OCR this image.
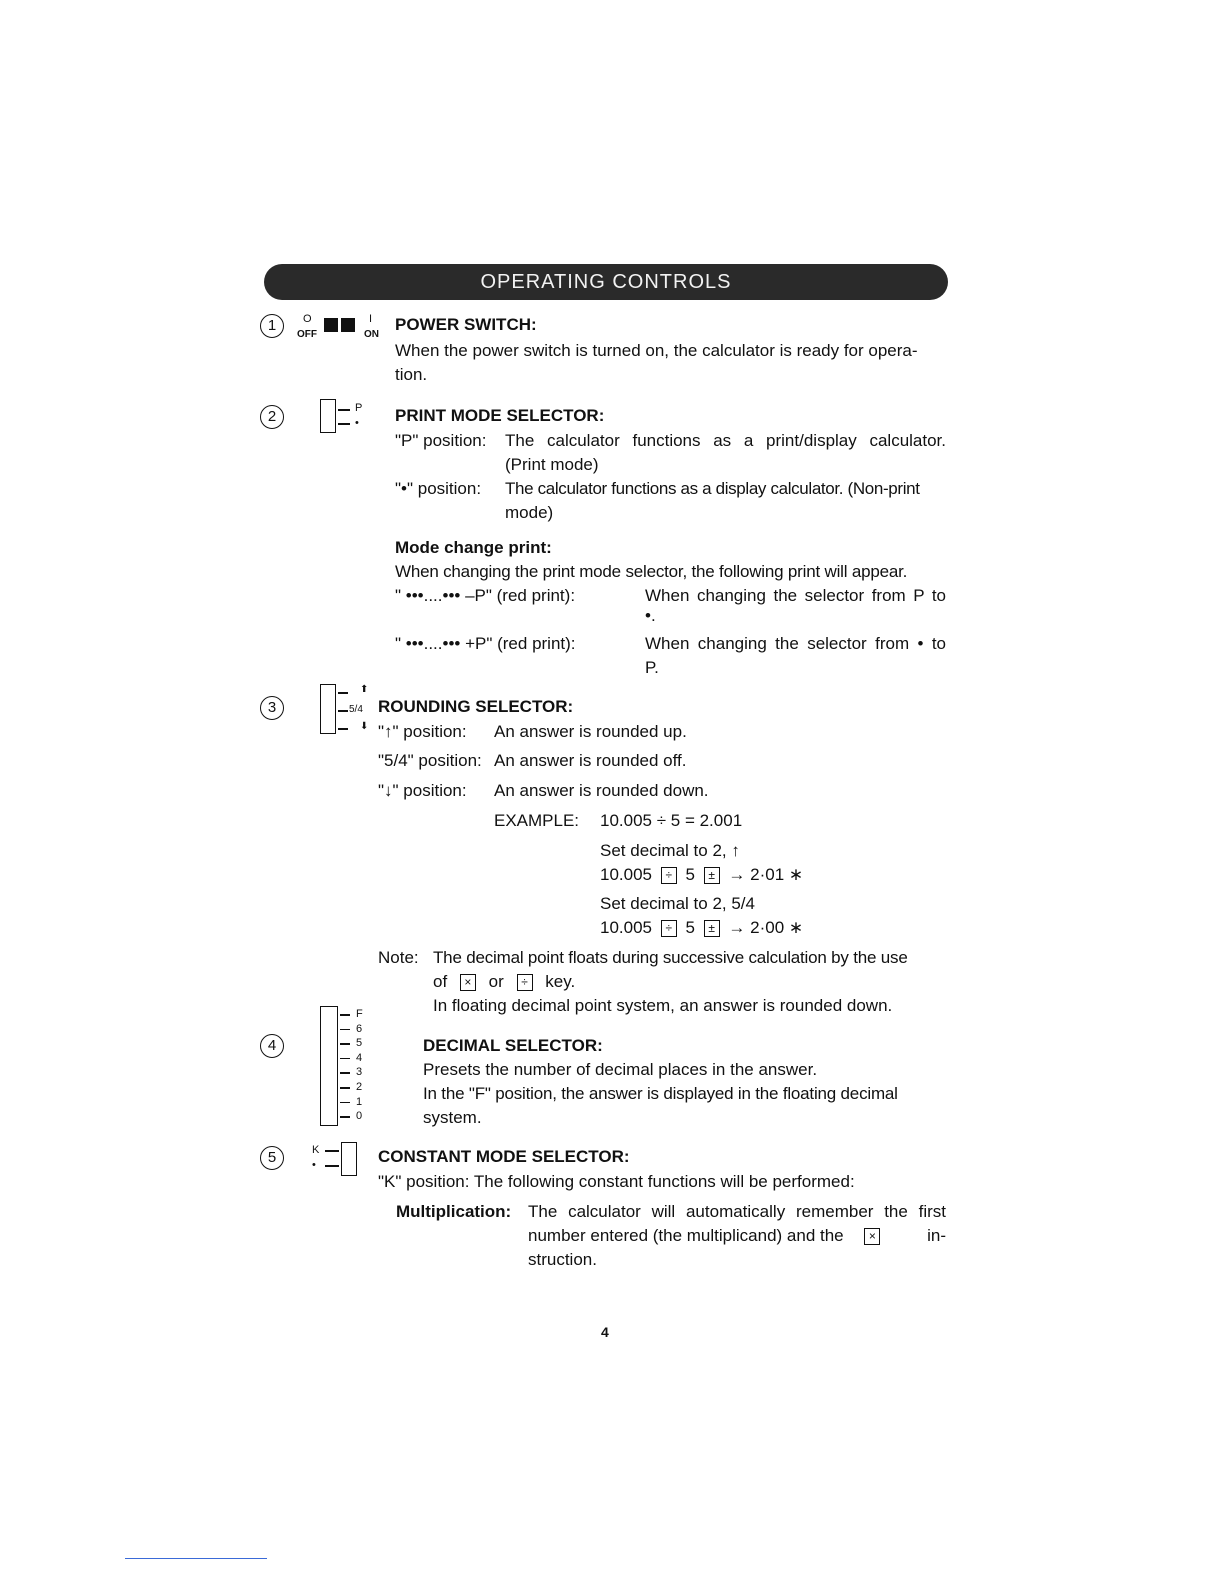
OPERATING CONTROLS
1	O
OFF
I
ON
POWER SWITCH:
When the power switch is turned on, the calculator is ready for opera-
tion.
2	P
• PRINT MODE SELECTOR:
"P" position: The calculator functions as a print/display calculator.
(Print mode)
"•" position: The calculator functions as a display calculator. (Non-print
mode)
Mode change print:
When changing the print mode selector, the following print will appear.
" •••....••• –P" (red print):	When changing the selector from P to
•.
" •••....••• +P" (red print):	When changing the selector from • to
P.
3
⬆
5/4
⬇
ROUNDING SELECTOR:
"↑" position: An answer is rounded up.
"5/4" position: An answer is rounded off.
"↓" position: An answer is rounded down.
EXAMPLE: 10.005 ÷ 5 = 2.001
Set decimal to 2, ↑
10.005 ÷ 5 ± → 2·01 ∗
Set decimal to 2, 5/4
10.005 ÷ 5 ± → 2·00 ∗
Note: The decimal point floats during successive calculation by the use
of × or ÷ key.
In floating decimal point system, an answer is rounded down.
4
F
6
5
4
3
2
1
0
DECIMAL SELECTOR:
Presets the number of decimal places in the answer.
In the "F" position, the answer is displayed in the floating decimal
system.
5	K
•	CONSTANT MODE SELECTOR:
"K" position: The following constant functions will be performed:
Multiplication: The calculator will automatically remember the first
number entered (the multiplicand) and the ×	in-
struction.
4
